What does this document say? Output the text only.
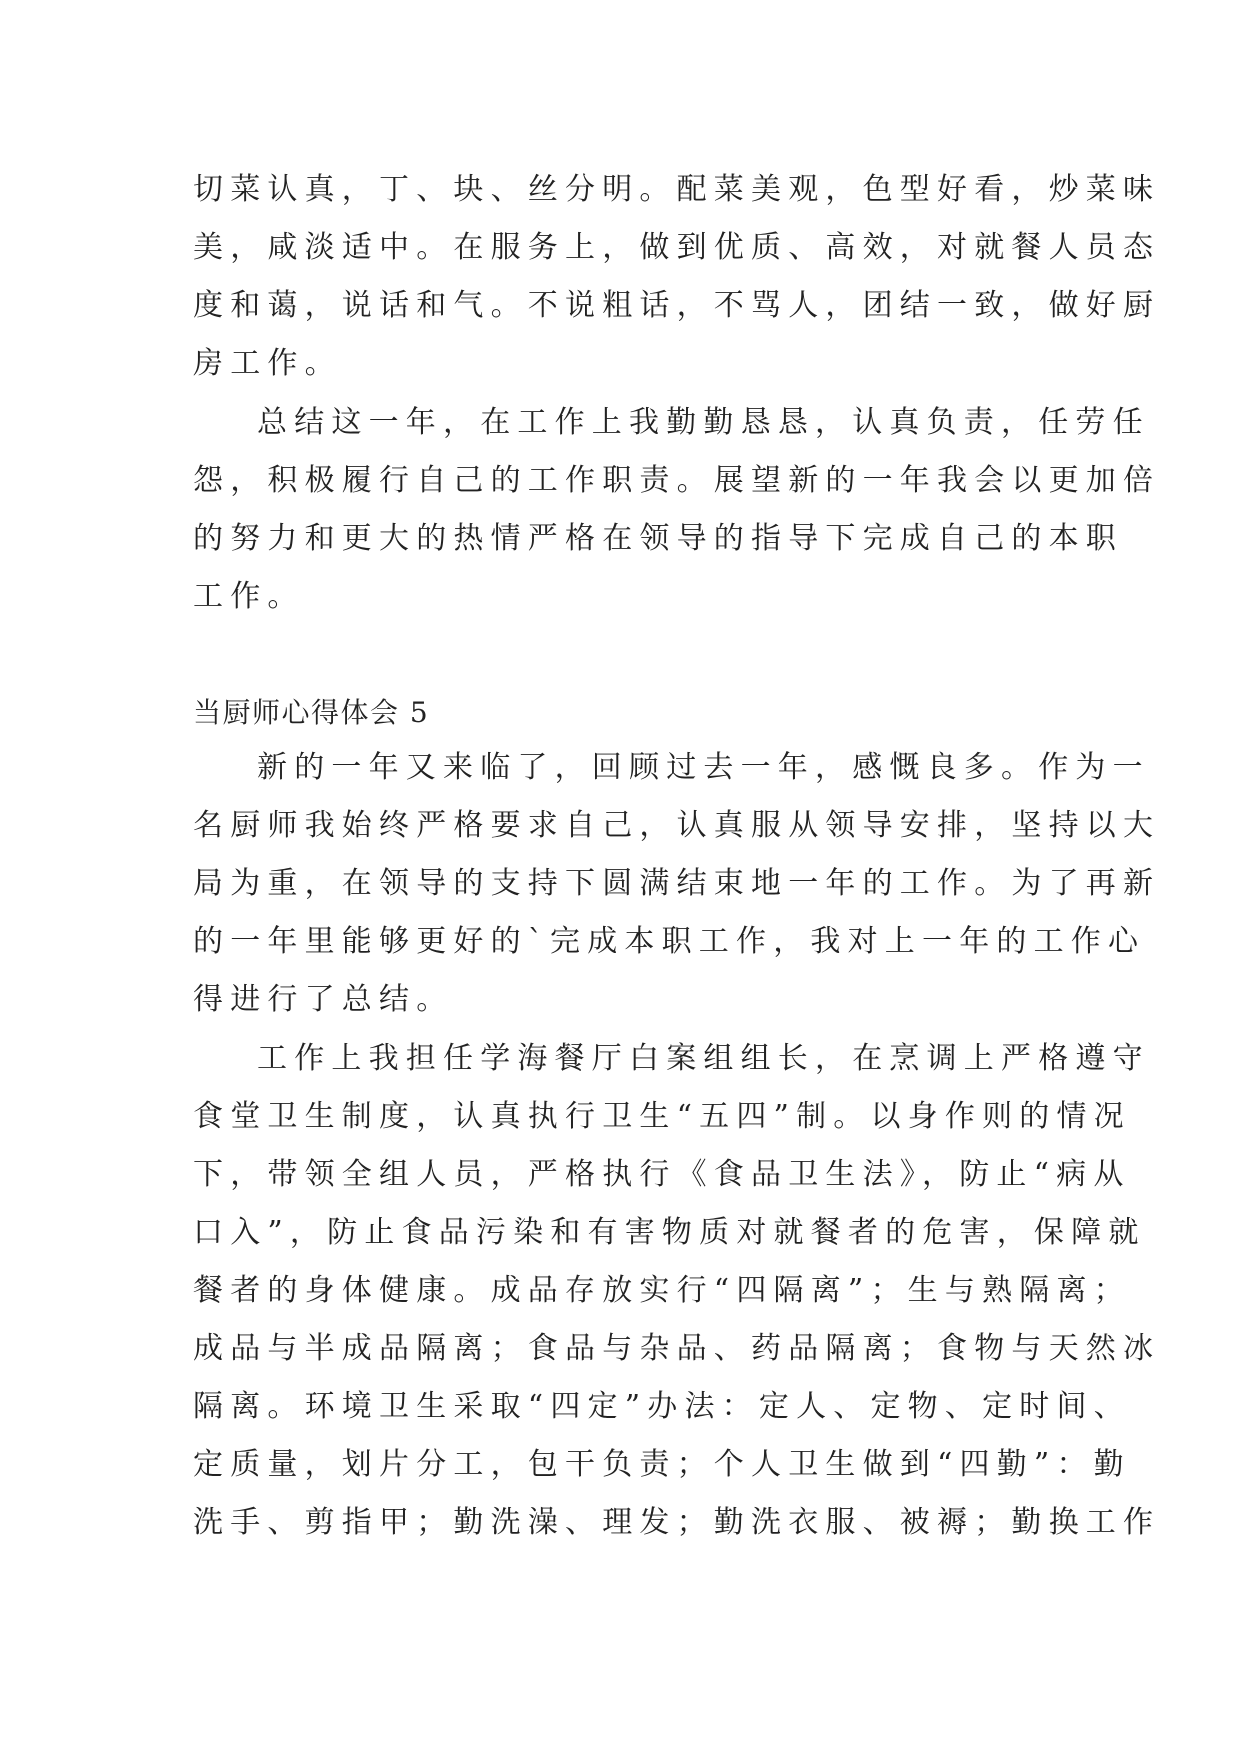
切菜认真，丁、块、丝分明。配菜美观，色型好看，炒菜味
美，咸淡适中。在服务上，做到优质、高效，对就餐人员态
度和蔼，说话和气。不说粗话，不骂人，团结一致，做好厨
房工作。
总结这一年，在工作上我勤勤恳恳，认真负责，任劳任
怨，积极履行自己的工作职责。展望新的一年我会以更加倍
的努力和更大的热情严格在领导的指导下完成自己的本职
工作。
当厨师心得体会 5
新的一年又来临了，回顾过去一年，感慨良多。作为一
名厨师我始终严格要求自己，认真服从领导安排，坚持以大
局为重，在领导的支持下圆满结束地一年的工作。为了再新
的一年里能够更好的`完成本职工作，我对上一年的工作心
得进行了总结。
工作上我担任学海餐厅白案组组长，在烹调上严格遵守
食堂卫生制度，认真执行卫生“五四”制。以身作则的情况
下，带领全组人员，严格执行《食品卫生法》，防止“病从
口入”，防止食品污染和有害物质对就餐者的危害，保障就
餐者的身体健康。成品存放实行“四隔离”；生与熟隔离；
成品与半成品隔离；食品与杂品、药品隔离；食物与天然冰
隔离。环境卫生采取“四定”办法：定人、定物、定时间、
定质量，划片分工，包干负责；个人卫生做到“四勤”：勤
洗手、剪指甲；勤洗澡、理发；勤洗衣服、被褥；勤换工作
